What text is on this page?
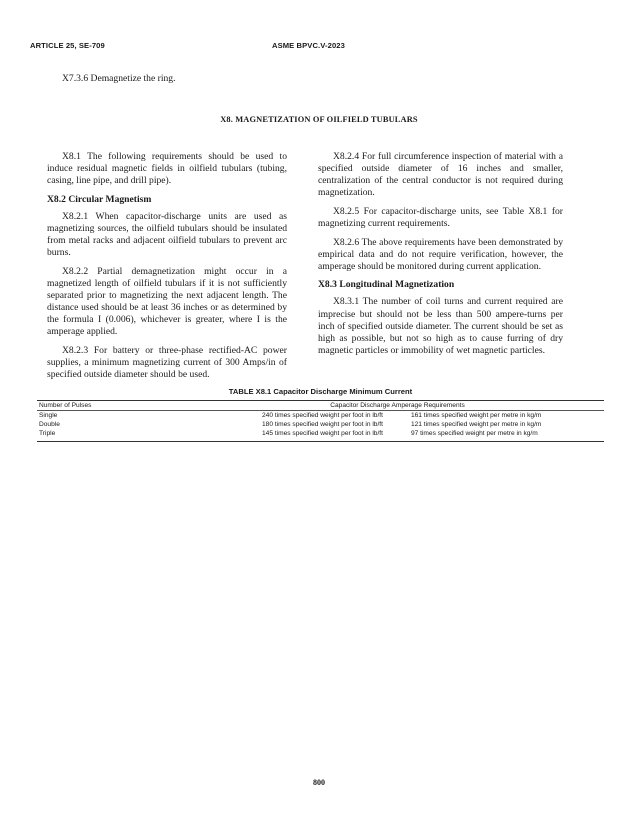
ARTICLE 25, SE-709	ASME BPVC.V-2023
X7.3.6 Demagnetize the ring.
X8. MAGNETIZATION OF OILFIELD TUBULARS

X8.1 The following requirements should be used to induce residual magnetic fields in oilfield tubulars (tubing, casing, line pipe, and drill pipe).

X8.2 Circular Magnetism

X8.2.1 When capacitor-discharge units are used as magnetizing sources, the oilfield tubulars should be insulated from metal racks and adjacent oilfield tubulars to prevent arc burns.

X8.2.2 Partial demagnetization might occur in a magnetized length of oilfield tubulars if it is not sufficiently separated prior to magnetizing the next adjacent length. The distance used should be at least 36 inches or as determined by the formula I (0.006), whichever is greater, where I is the amperage applied.

X8.2.3 For battery or three-phase rectified-AC power supplies, a minimum magnetizing current of 300 Amps/in of specified outside diameter should be used.

X8.2.4 For full circumference inspection of material with a specified outside diameter of 16 inches and smaller, centralization of the central conductor is not required during magnetization.

X8.2.5 For capacitor-discharge units, see Table X8.1 for magnetizing current requirements.

X8.2.6 The above requirements have been demonstrated by empirical data and do not require verification, however, the amperage should be monitored during current application.

X8.3 Longitudinal Magnetization

X8.3.1 The number of coil turns and current required are imprecise but should not be less than 500 ampere-turns per inch of specified outside diameter. The current should be set as high as possible, but not so high as to cause furring of dry magnetic particles or immobility of wet magnetic particles.

TABLE X8.1 Capacitor Discharge Minimum Current
Number of Pulses	Capacitor Discharge Amperage Requirements	
Single	240 times specified weight per foot in lb/ft	161 times specified weight per metre in kg/m
Double	180 times specified weight per foot in lb/ft	121 times specified weight per metre in kg/m
Triple	145 times specified weight per foot in lb/ft	97 times specified weight per metre in kg/m
800
